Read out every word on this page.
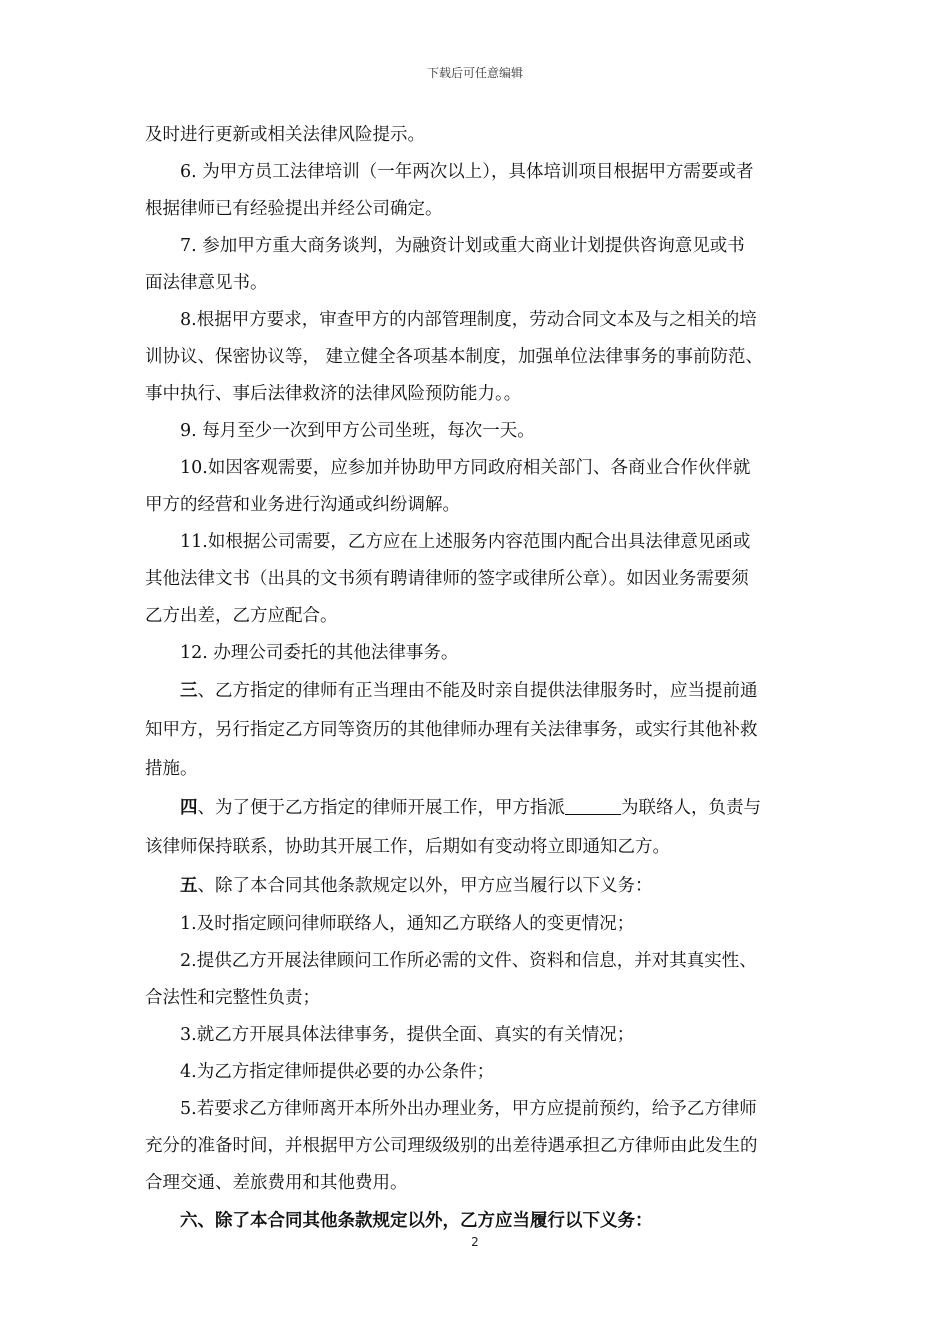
下载后可任意编辑
及时进行更新或相关法律风险提示。
6. 为甲方员工法律培训（一年两次以上），具体培训项目根据甲方需要或者
根据律师已有经验提出并经公司确定。
7. 参加甲方重大商务谈判，为融资计划或重大商业计划提供咨询意见或书
面法律意见书。
8.根据甲方要求，审查甲方的内部管理制度，劳动合同文本及与之相关的培
训协议、保密协议等， 建立健全各项基本制度，加强单位法律事务的事前防范、
事中执行、事后法律救济的法律风险预防能力。。
9. 每月至少一次到甲方公司坐班，每次一天。
10.如因客观需要，应参加并协助甲方同政府相关部门、各商业合作伙伴就
甲方的经营和业务进行沟通或纠纷调解。
11.如根据公司需要，乙方应在上述服务内容范围内配合出具法律意见函或
其他法律文书（出具的文书须有聘请律师的签字或律所公章）。如因业务需要须
乙方出差，乙方应配合。
12. 办理公司委托的其他法律事务。
三、乙方指定的律师有正当理由不能及时亲自提供法律服务时，应当提前通
知甲方，另行指定乙方同等资历的其他律师办理有关法律事务，或实行其他补救
措施。
四、为了便于乙方指定的律师开展工作，甲方指派	为联络人，负责与
该律师保持联系，协助其开展工作，后期如有变动将立即通知乙方。
五、除了本合同其他条款规定以外，甲方应当履行以下义务：
1.及时指定顾问律师联络人，通知乙方联络人的变更情况；
2.提供乙方开展法律顾问工作所必需的文件、资料和信息，并对其真实性、
合法性和完整性负责；
3.就乙方开展具体法律事务，提供全面、真实的有关情况；
4.为乙方指定律师提供必要的办公条件；
5.若要求乙方律师离开本所外出办理业务，甲方应提前预约，给予乙方律师
充分的准备时间，并根据甲方公司理级级别的出差待遇承担乙方律师由此发生的
合理交通、差旅费用和其他费用。
六、除了本合同其他条款规定以外，乙方应当履行以下义务：
2
